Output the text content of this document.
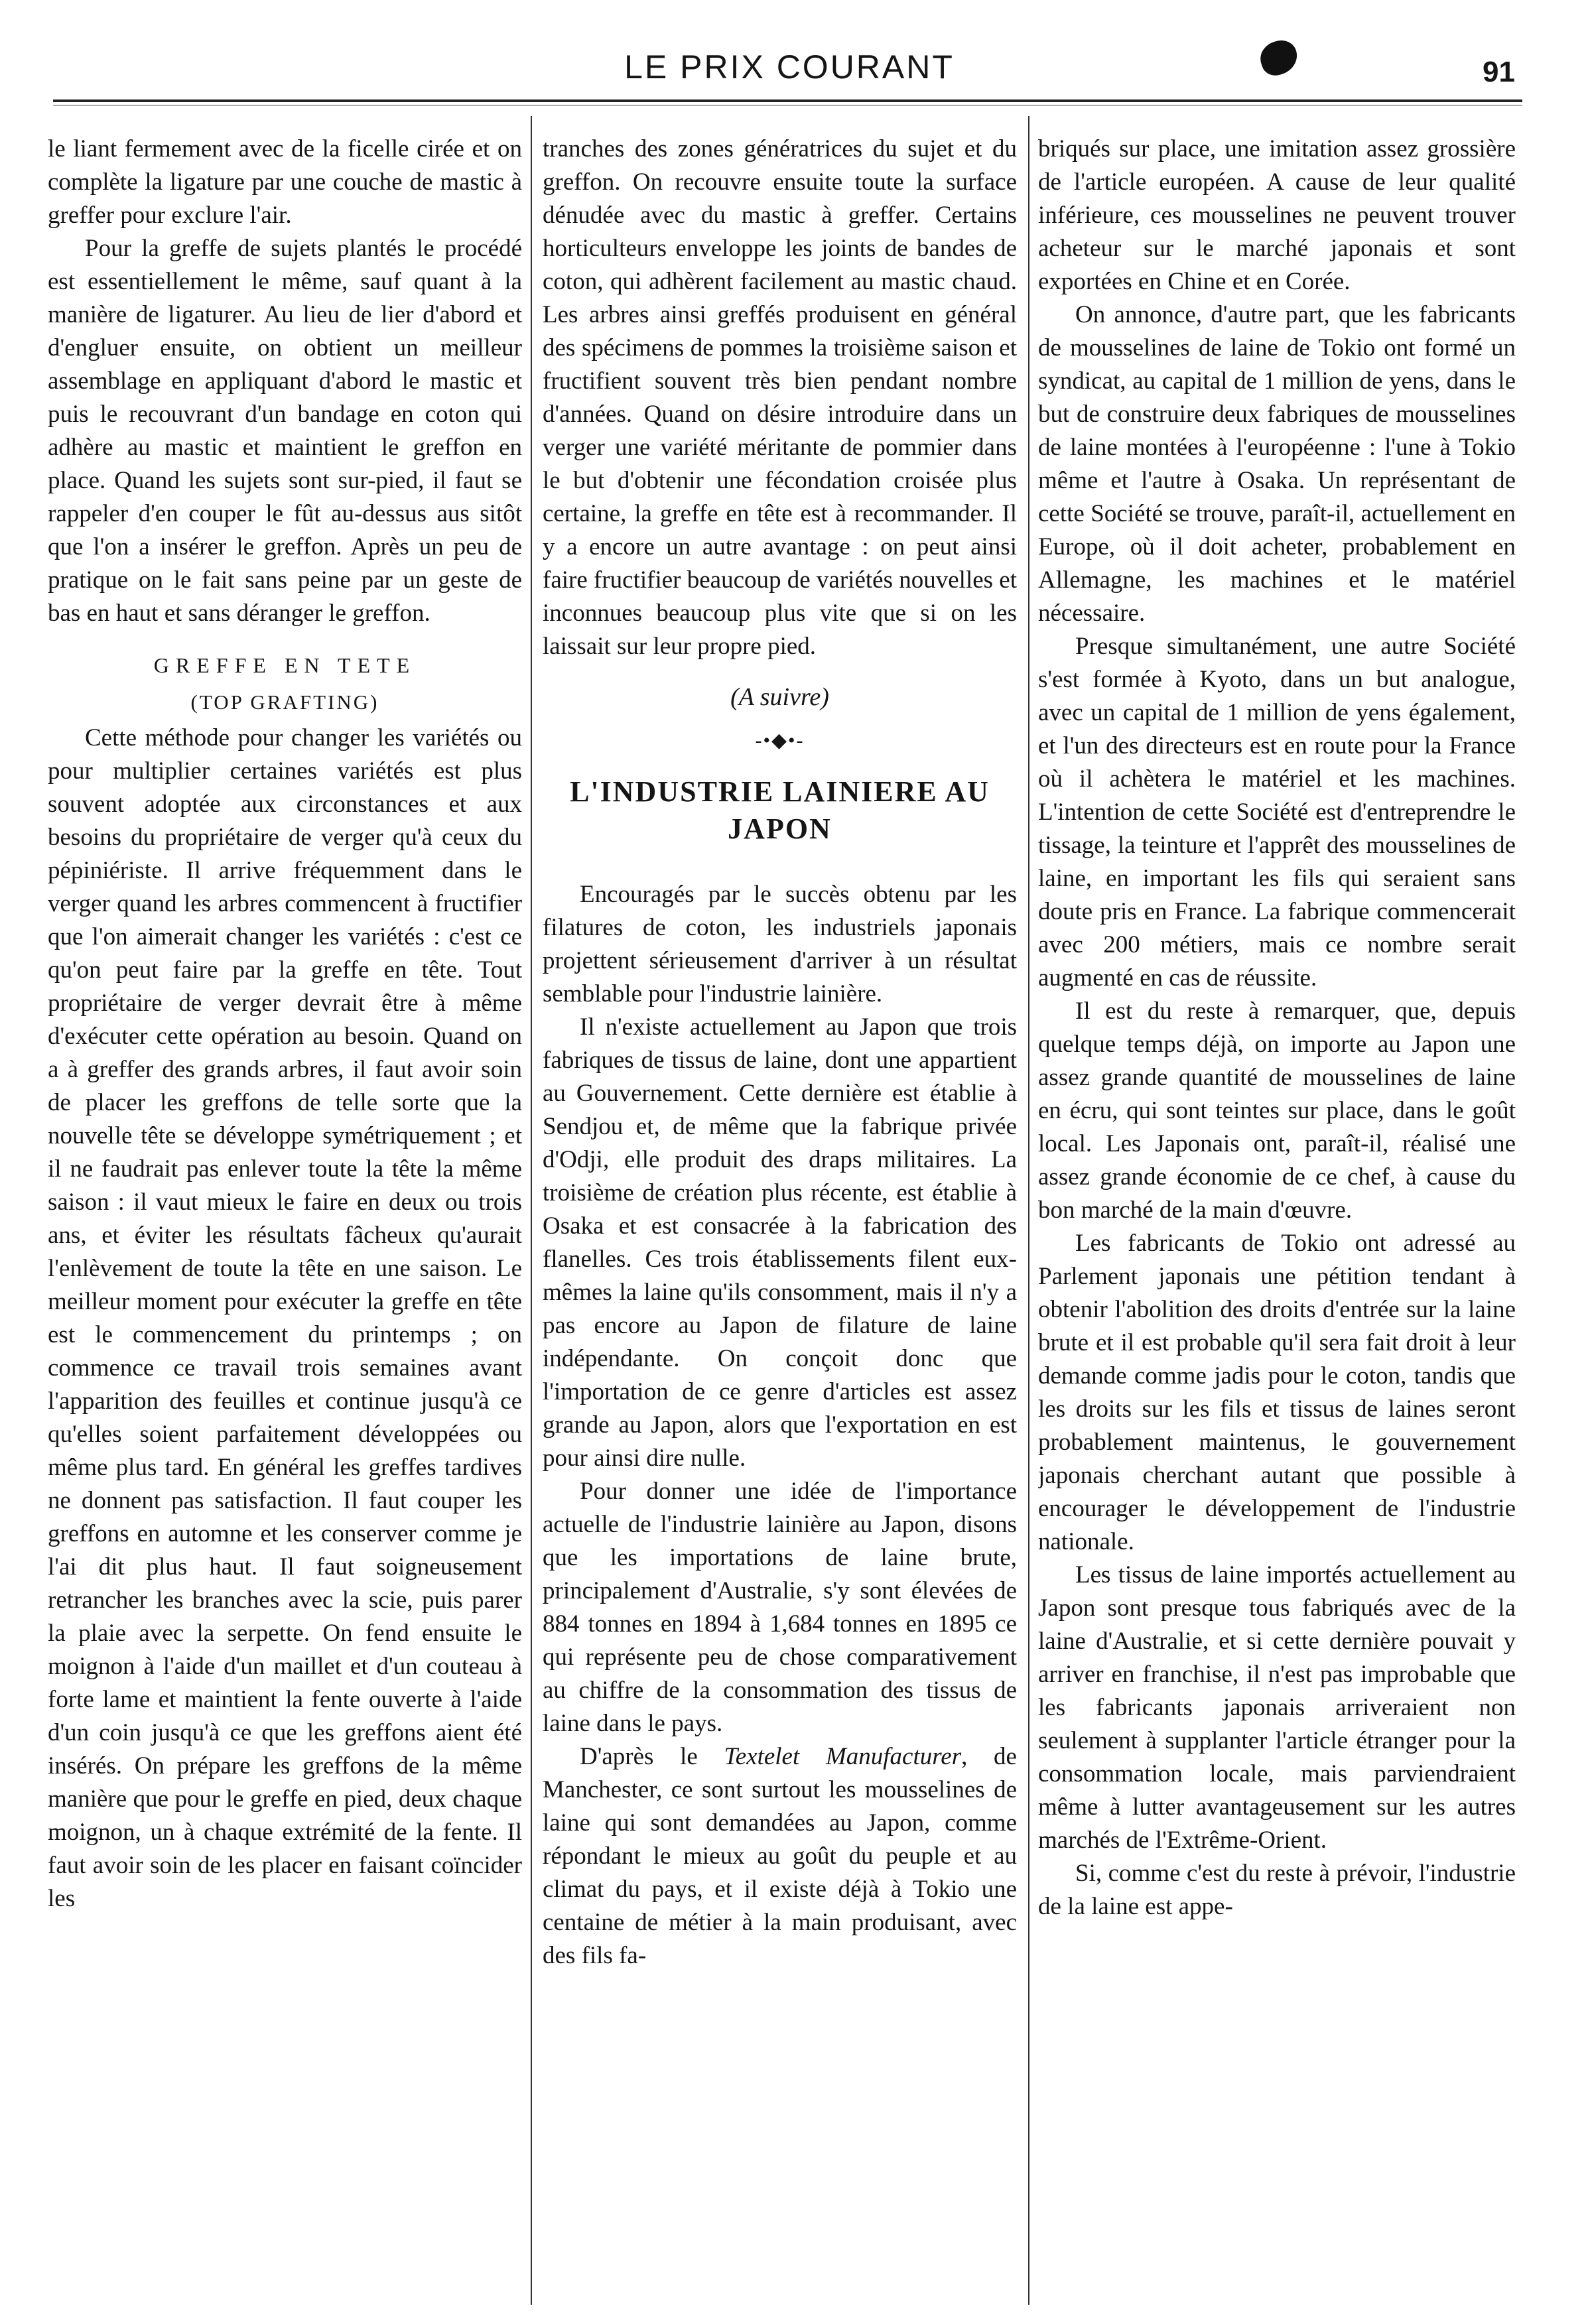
LE PRIX COURANT	91

le liant fermement avec de la ficelle cirée et on complète la ligature par une couche de mastic à greffer pour exclure l'air.

Pour la greffe de sujets plantés le procédé est essentiellement le même, sauf quant à la manière de ligaturer. Au lieu de lier d'abord et d'engluer ensuite, on obtient un meilleur assemblage en appliquant d'abord le mastic et puis le recouvrant d'un bandage en coton qui adhère au mastic et maintient le greffon en place. Quand les sujets sont sur-pied, il faut se rappeler d'en couper le fût au-dessus aus sitôt que l'on a insérer le greffon. Après un peu de pratique on le fait sans peine par un geste de bas en haut et sans déranger le greffon.

GREFFE EN TETE

(TOP GRAFTING)

Cette méthode pour changer les variétés ou pour multiplier certaines variétés est plus souvent adoptée aux circonstances et aux besoins du propriétaire de verger qu'à ceux du pépiniériste. Il arrive fréquemment dans le verger quand les arbres commencent à fructifier que l'on aimerait changer les variétés : c'est ce qu'on peut faire par la greffe en tête. Tout propriétaire de verger devrait être à même d'exécuter cette opération au besoin. Quand on a à greffer des grands arbres, il faut avoir soin de placer les greffons de telle sorte que la nouvelle tête se développe symétriquement ; et il ne faudrait pas enlever toute la tête la même saison : il vaut mieux le faire en deux ou trois ans, et éviter les résultats fâcheux qu'aurait l'enlèvement de toute la tête en une saison. Le meilleur moment pour exécuter la greffe en tête est le commencement du printemps ; on commence ce travail trois semaines avant l'apparition des feuilles et continue jusqu'à ce qu'elles soient parfaitement développées ou même plus tard. En général les greffes tardives ne donnent pas satisfaction. Il faut couper les greffons en automne et les conserver comme je l'ai dit plus haut. Il faut soigneusement retrancher les branches avec la scie, puis parer la plaie avec la serpette. On fend ensuite le moignon à l'aide d'un maillet et d'un couteau à forte lame et maintient la fente ouverte à l'aide d'un coin jusqu'à ce que les greffons aient été insérés. On prépare les greffons de la même manière que pour le greffe en pied, deux chaque moignon, un à chaque extrémité de la fente. Il faut avoir soin de les placer en faisant coïncider les

tranches des zones génératrices du sujet et du greffon. On recouvre ensuite toute la surface dénudée avec du mastic à greffer. Certains horticulteurs enveloppe les joints de bandes de coton, qui adhèrent facilement au mastic chaud. Les arbres ainsi greffés produisent en général des spécimens de pommes la troisième saison et fructifient souvent très bien pendant nombre d'années. Quand on désire introduire dans un verger une variété méritante de pommier dans le but d'obtenir une fécondation croisée plus certaine, la greffe en tête est à recommander. Il y a encore un autre avantage : on peut ainsi faire fructifier beaucoup de variétés nouvelles et inconnues beaucoup plus vite que si on les laissait sur leur propre pied.

(A suivre)

-•◆•-

L'INDUSTRIE LAINIERE AU JAPON

Encouragés par le succès obtenu par les filatures de coton, les industriels japonais projettent sérieusement d'arriver à un résultat semblable pour l'industrie lainière.

Il n'existe actuellement au Japon que trois fabriques de tissus de laine, dont une appartient au Gouvernement. Cette dernière est établie à Sendjou et, de même que la fabrique privée d'Odji, elle produit des draps militaires. La troisième de création plus récente, est établie à Osaka et est consacrée à la fabrication des flanelles. Ces trois établissements filent eux-mêmes la laine qu'ils consomment, mais il n'y a pas encore au Japon de filature de laine indépendante. On conçoit donc que l'importation de ce genre d'articles est assez grande au Japon, alors que l'exportation en est pour ainsi dire nulle.

Pour donner une idée de l'importance actuelle de l'industrie lainière au Japon, disons que les importations de laine brute, principalement d'Australie, s'y sont élevées de 884 tonnes en 1894 à 1,684 tonnes en 1895 ce qui représente peu de chose comparativement au chiffre de la consommation des tissus de laine dans le pays.

D'après le Textelet Manufacturer, de Manchester, ce sont surtout les mousselines de laine qui sont demandées au Japon, comme répondant le mieux au goût du peuple et au climat du pays, et il existe déjà à Tokio une centaine de métier à la main produisant, avec des fils fa-

briqués sur place, une imitation assez grossière de l'article européen. A cause de leur qualité inférieure, ces mousselines ne peuvent trouver acheteur sur le marché japonais et sont exportées en Chine et en Corée.

On annonce, d'autre part, que les fabricants de mousselines de laine de Tokio ont formé un syndicat, au capital de 1 million de yens, dans le but de construire deux fabriques de mousselines de laine montées à l'européenne : l'une à Tokio même et l'autre à Osaka. Un représentant de cette Société se trouve, paraît-il, actuellement en Europe, où il doit acheter, probablement en Allemagne, les machines et le matériel nécessaire.

Presque simultanément, une autre Société s'est formée à Kyoto, dans un but analogue, avec un capital de 1 million de yens également, et l'un des directeurs est en route pour la France où il achètera le matériel et les machines. L'intention de cette Société est d'entreprendre le tissage, la teinture et l'apprêt des mousselines de laine, en important les fils qui seraient sans doute pris en France. La fabrique commencerait avec 200 métiers, mais ce nombre serait augmenté en cas de réussite.

Il est du reste à remarquer, que, depuis quelque temps déjà, on importe au Japon une assez grande quantité de mousselines de laine en écru, qui sont teintes sur place, dans le goût local. Les Japonais ont, paraît-il, réalisé une assez grande économie de ce chef, à cause du bon marché de la main d'œuvre.

Les fabricants de Tokio ont adressé au Parlement japonais une pétition tendant à obtenir l'abolition des droits d'entrée sur la laine brute et il est probable qu'il sera fait droit à leur demande comme jadis pour le coton, tandis que les droits sur les fils et tissus de laines seront probablement maintenus, le gouvernement japonais cherchant autant que possible à encourager le développement de l'industrie nationale.

Les tissus de laine importés actuellement au Japon sont presque tous fabriqués avec de la laine d'Australie, et si cette dernière pouvait y arriver en franchise, il n'est pas improbable que les fabricants japonais arriveraient non seulement à supplanter l'article étranger pour la consommation locale, mais parviendraient même à lutter avantageusement sur les autres marchés de l'Extrême-Orient.

Si, comme c'est du reste à prévoir, l'industrie de la laine est appe-
